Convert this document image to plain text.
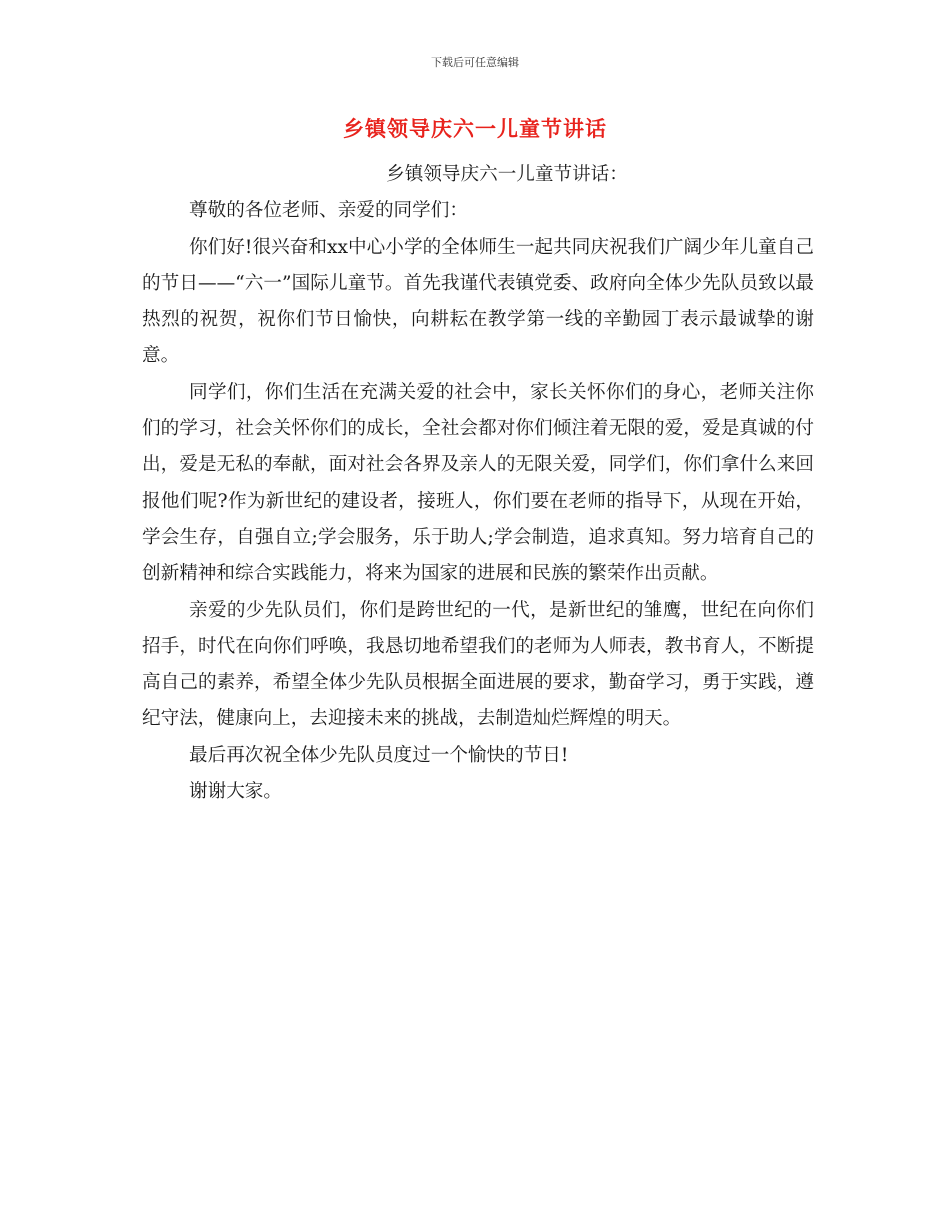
下载后可任意编辑
乡镇领导庆六一儿童节讲话
乡镇领导庆六一儿童节讲话：

尊敬的各位老师、亲爱的同学们：

你们好!很兴奋和xx中心小学的全体师生一起共同庆祝我们广阔少年儿童自己的节日——“六一”国际儿童节。首先我谨代表镇党委、政府向全体少先队员致以最热烈的祝贺，祝你们节日愉快，向耕耘在教学第一线的辛勤园丁表示最诚挚的谢意。

同学们，你们生活在充满关爱的社会中，家长关怀你们的身心，老师关注你们的学习，社会关怀你们的成长，全社会都对你们倾注着无限的爱，爱是真诚的付出，爱是无私的奉献，面对社会各界及亲人的无限关爱，同学们，你们拿什么来回报他们呢?作为新世纪的建设者，接班人，你们要在老师的指导下，从现在开始，学会生存，自强自立;学会服务，乐于助人;学会制造，追求真知。努力培育自己的创新精神和综合实践能力，将来为国家的进展和民族的繁荣作出贡献。

亲爱的少先队员们，你们是跨世纪的一代，是新世纪的雏鹰，世纪在向你们招手，时代在向你们呼唤，我恳切地希望我们的老师为人师表，教书育人，不断提高自己的素养，希望全体少先队员根据全面进展的要求，勤奋学习，勇于实践，遵纪守法，健康向上，去迎接未来的挑战，去制造灿烂辉煌的明天。

最后再次祝全体少先队员度过一个愉快的节日!

谢谢大家。
